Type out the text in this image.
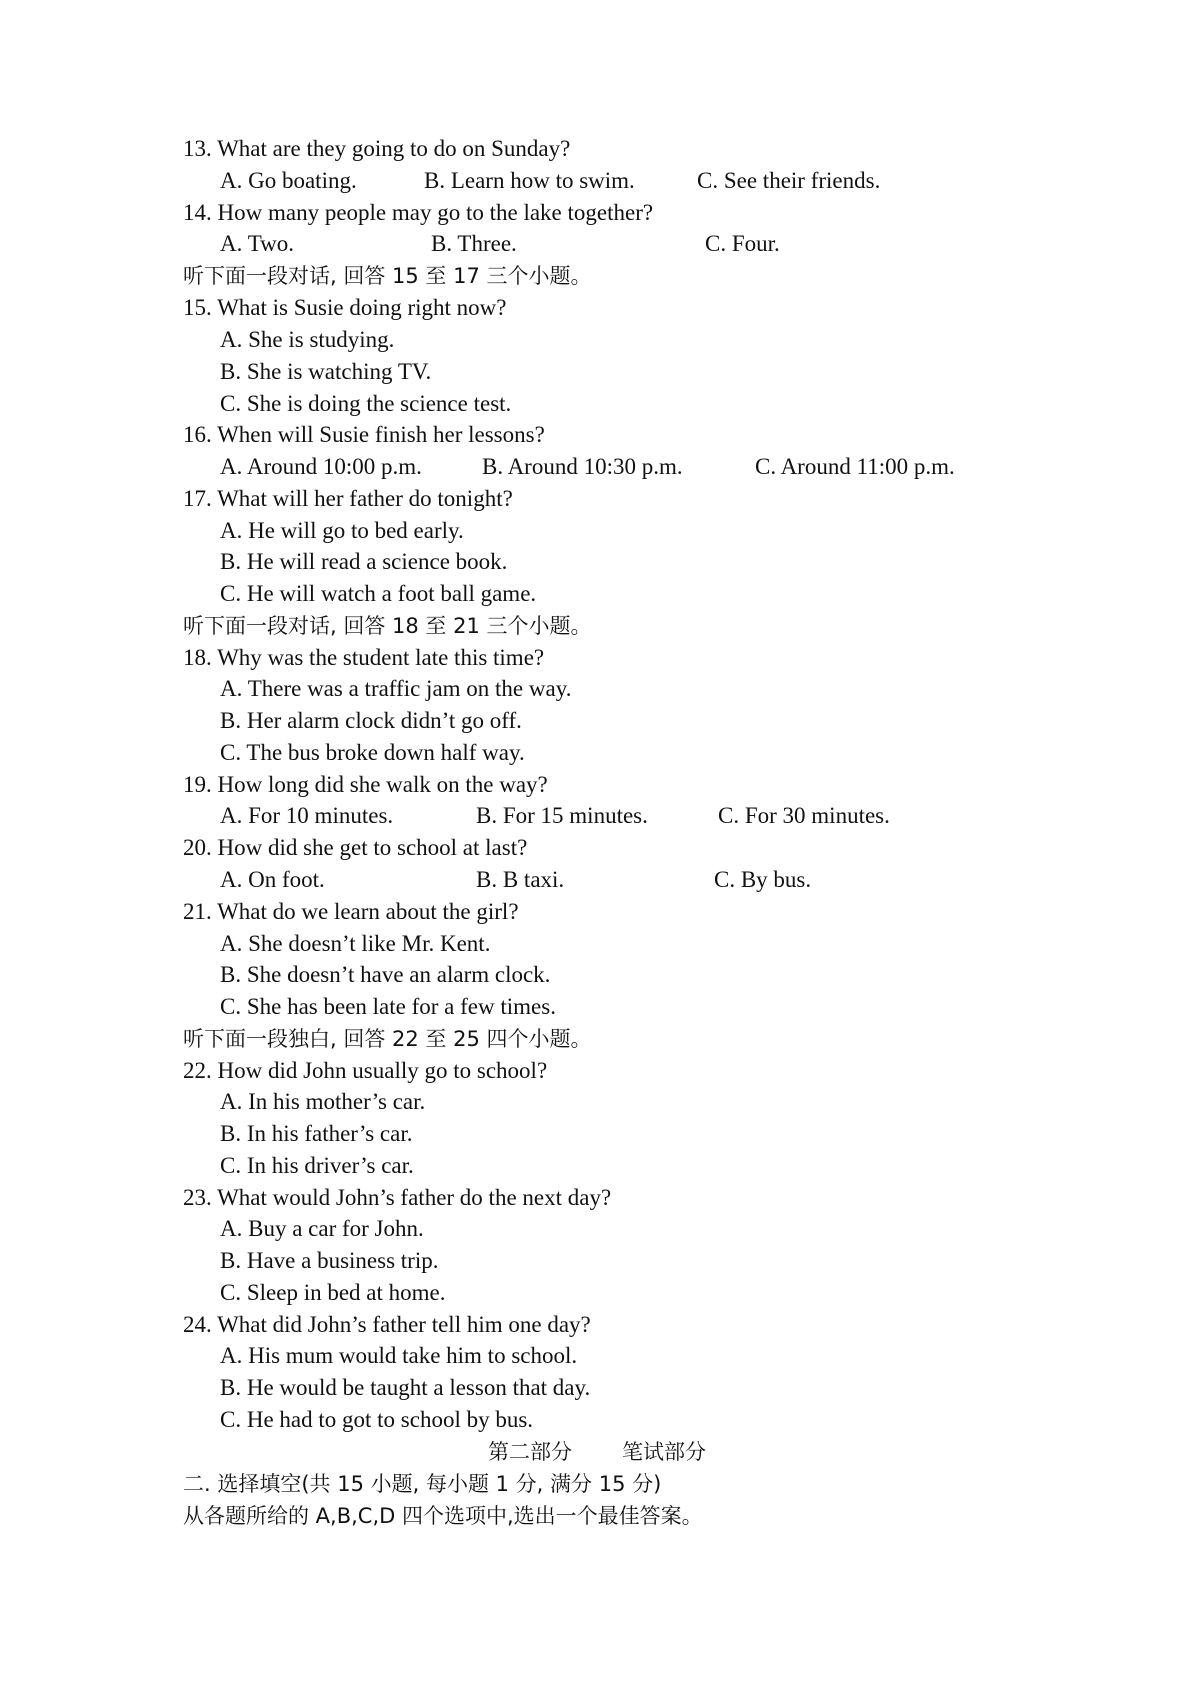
13. What are they going to do on Sunday?
A. Go boating.	B. Learn how to swim.	C. See their friends.
14. How many people may go to the lake together?
A. Two.	B. Three.	C. Four.
听下面一段对话, 回答 15 至 17 三个小题。
15. What is Susie doing right now?
A. She is studying.
B. She is watching TV.
C. She is doing the science test.
16. When will Susie finish her lessons?
A. Around 10:00 p.m.	B. Around 10:30 p.m.	C. Around 11:00 p.m.
17. What will her father do tonight?
A. He will go to bed early.
B. He will read a science book.
C. He will watch a foot ball game.
听下面一段对话, 回答 18 至 21 三个小题。
18. Why was the student late this time?
A. There was a traffic jam on the way.
B. Her alarm clock didn’t go off.
C. The bus broke down half way.
19. How long did she walk on the way?
A. For 10 minutes.	B. For 15 minutes.	C. For 30 minutes.
20. How did she get to school at last?
A. On foot.	B. B taxi.	C. By bus.
21. What do we learn about the girl?
A. She doesn’t like Mr. Kent.
B. She doesn’t have an alarm clock.
C. She has been late for a few times.
听下面一段独白, 回答 22 至 25 四个小题。
22. How did John usually go to school?
A. In his mother’s car.
B. In his father’s car.
C. In his driver’s car.
23. What would John’s father do the next day?
A. Buy a car for John.
B. Have a business trip.
C. Sleep in bed at home.
24. What did John’s father tell him one day?
A. His mum would take him to school.
B. He would be taught a lesson that day.
C. He had to got to school by bus.
第二部分 笔试部分
二. 选择填空(共 15 小题, 每小题 1 分, 满分 15 分)
从各题所给的 A,B,C,D 四个选项中,选出一个最佳答案。
